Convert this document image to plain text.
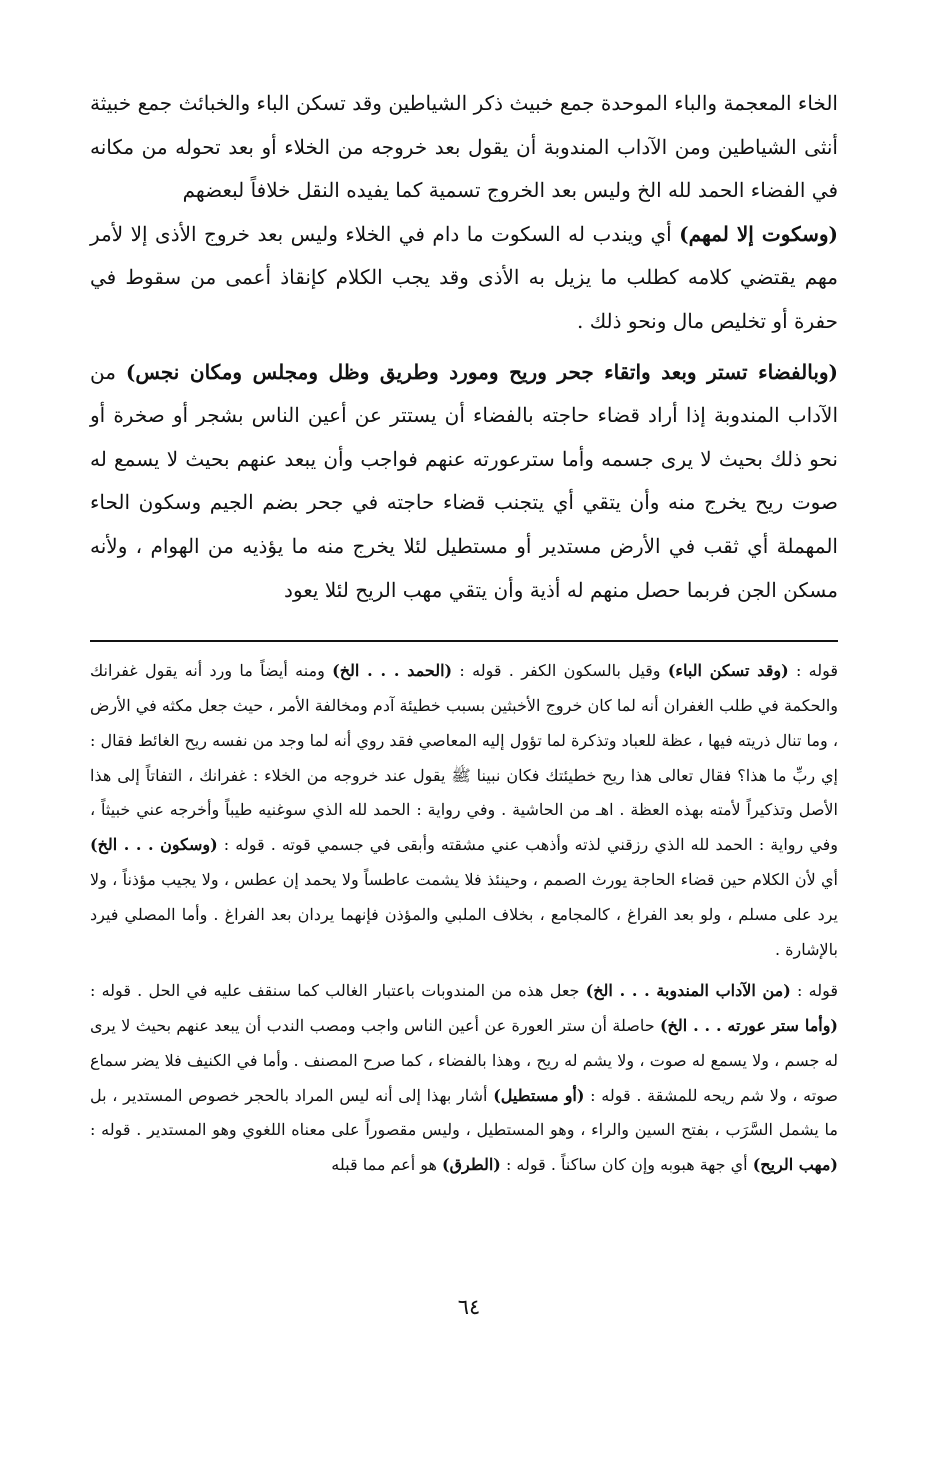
الخاء المعجمة والباء الموحدة جمع خبيث ذكر الشياطين وقد تسكن الباء والخبائث جمع خبيثة أنثى الشياطين ومن الآداب المندوبة أن يقول بعد خروجه من الخلاء أو بعد تحوله من مكانه في الفضاء الحمد لله الخ وليس بعد الخروج تسمية كما يفيده النقل خلافاً لبعضهم
(وسكوت إلا لمهم) أي ويندب له السكوت ما دام في الخلاء وليس بعد خروج الأذى إلا لأمر مهم يقتضي كلامه كطلب ما يزيل به الأذى وقد يجب الكلام كإنقاذ أعمى من سقوط في حفرة أو تخليص مال ونحو ذلك .

(وبالفضاء تستر وبعد واتقاء جحر وريح ومورد وطريق وظل ومجلس ومكان نجس) من الآداب المندوبة إذا أراد قضاء حاجته بالفضاء أن يستتر عن أعين الناس بشجر أو صخرة أو نحو ذلك بحيث لا يرى جسمه وأما سترعورته عنهم فواجب وأن يبعد عنهم بحيث لا يسمع له صوت ريح يخرج منه وأن يتقي أي يتجنب قضاء حاجته في جحر بضم الجيم وسكون الحاء المهملة أي ثقب في الأرض مستدير أو مستطيل لئلا يخرج منه ما يؤذيه من الهوام ، ولأنه مسكن الجن فربما حصل منهم له أذية وأن يتقي مهب الريح لئلا يعود

قوله : (وقد تسكن الباء) وقيل بالسكون الكفر . قوله : (الحمد . . . الخ) ومنه أيضاً ما ورد أنه يقول غفرانك والحكمة في طلب الغفران أنه لما كان خروج الأخبثين بسبب خطيئة آدم ومخالفة الأمر ، حيث جعل مكثه في الأرض ، وما تنال ذريته فيها ، عظة للعباد وتذكرة لما تؤول إليه المعاصي فقد روي أنه لما وجد من نفسه ريح الغائط فقال : إي ربِّ ما هذا؟ فقال تعالى هذا ريح خطيئتك فكان نبينا ﷺ يقول عند خروجه من الخلاء : غفرانك ، التفاتاً إلى هذا الأصل وتذكيراً لأمته بهذه العظة . اهـ من الحاشية . وفي رواية : الحمد لله الذي سوغنيه طيباً وأخرجه عني خبيثاً ، وفي رواية : الحمد لله الذي رزقني لذته وأذهب عني مشقته وأبقى في جسمي قوته . قوله : (وسكون . . . الخ) أي لأن الكلام حين قضاء الحاجة يورث الصمم ، وحينئذ فلا يشمت عاطساً ولا يحمد إن عطس ، ولا يجيب مؤذناً ، ولا يرد على مسلم ، ولو بعد الفراغ ، كالمجامع ، بخلاف الملبي والمؤذن فإنهما يردان بعد الفراغ . وأما المصلي فيرد بالإشارة .

قوله : (من الآداب المندوبة . . . الخ) جعل هذه من المندوبات باعتبار الغالب كما سنقف عليه في الحل . قوله : (وأما ستر عورته . . . الخ) حاصلة أن ستر العورة عن أعين الناس واجب ومصب الندب أن يبعد عنهم بحيث لا يرى له جسم ، ولا يسمع له صوت ، ولا يشم له ريح ، وهذا بالفضاء ، كما صرح المصنف . وأما في الكنيف فلا يضر سماع صوته ، ولا شم ريحه للمشقة . قوله : (أو مستطيل) أشار بهذا إلى أنه ليس المراد بالحجر خصوص المستدير ، بل ما يشمل السَّرَب ، بفتح السين والراء ، وهو المستطيل ، وليس مقصوراً على معناه اللغوي وهو المستدير . قوله : (مهب الريح) أي جهة هبوبه وإن كان ساكناً . قوله : (الطرق) هو أعم مما قبله

٦٤
